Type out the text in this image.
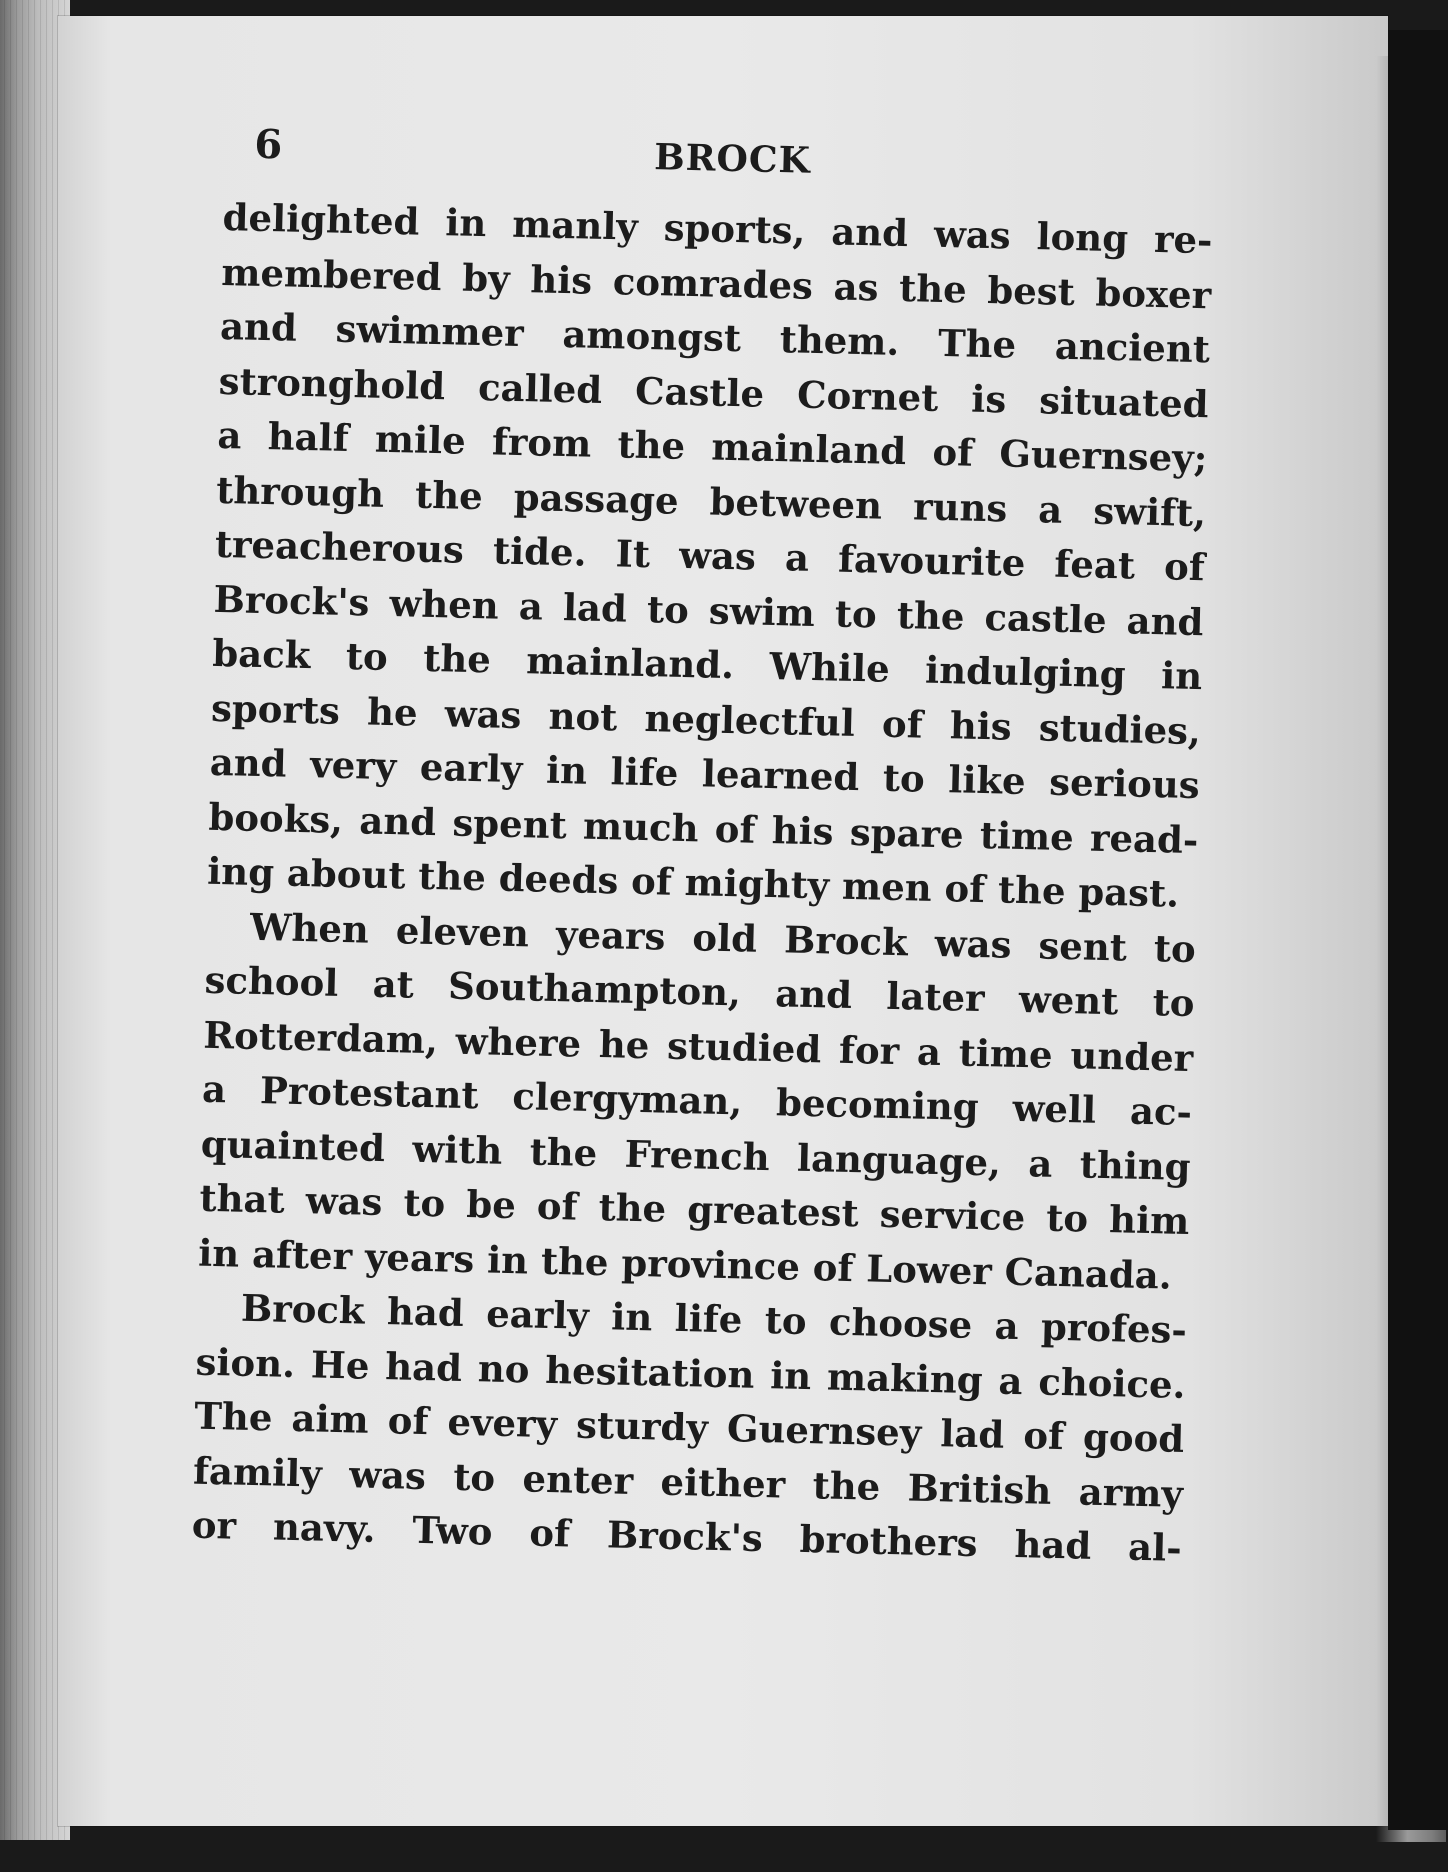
6	BROCK
delighted in manly sports, and was long re-
membered by his comrades as the best boxer
and swimmer amongst them. The ancient
stronghold called Castle Cornet is situated
a half mile from the mainland of Guernsey;
through the passage between runs a swift,
treacherous tide. It was a favourite feat of
Brock's when a lad to swim to the castle and
back to the mainland. While indulging in
sports he was not neglectful of his studies,
and very early in life learned to like serious
books, and spent much of his spare time read-
ing about the deeds of mighty men of the past.
When eleven years old Brock was sent to
school at Southampton, and later went to
Rotterdam, where he studied for a time under
a Protestant clergyman, becoming well ac-
quainted with the French language, a thing
that was to be of the greatest service to him
in after years in the province of Lower Canada.
Brock had early in life to choose a profes-
sion. He had no hesitation in making a choice.
The aim of every sturdy Guernsey lad of good
family was to enter either the British army
or navy. Two of Brock's brothers had al-
